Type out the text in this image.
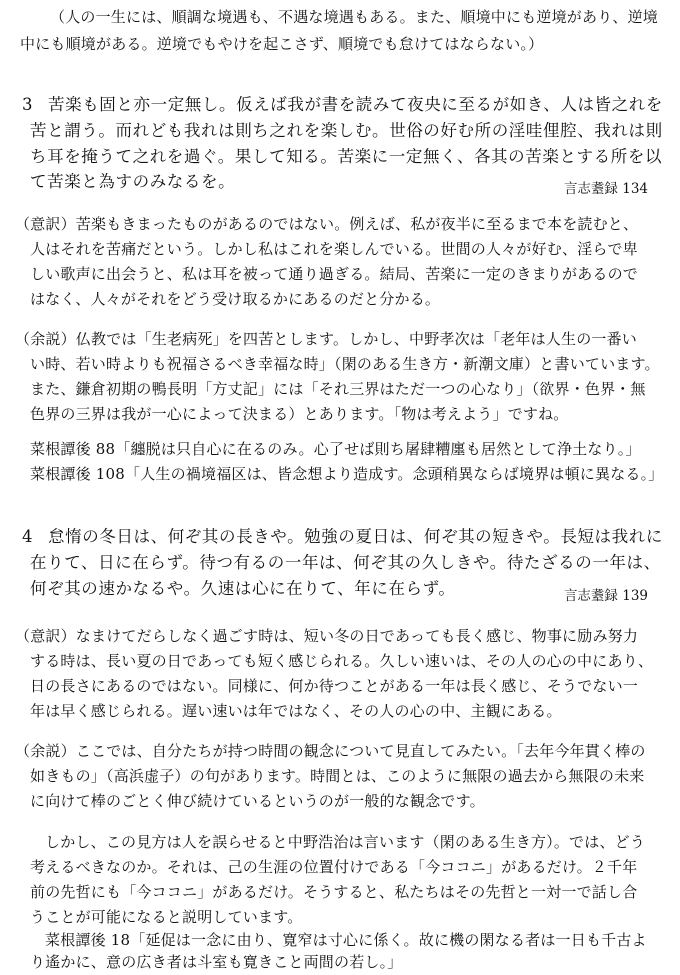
（人の一生には、順調な境遇も、不遇な境遇もある。また、順境中にも逆境があり、逆境
中にも順境がある。逆境でもやけを起こさず、順境でも怠けてはならない。）
3 苦楽も固と亦一定無し。仮えば我が書を読みて夜央に至るが如き、人は皆之れを
苦と謂う。而れども我れは則ち之れを楽しむ。世俗の好む所の淫哇俚腔、我れは則
ち耳を掩うて之れを過ぐ。果して知る。苦楽に一定無く、各其の苦楽とする所を以
て苦楽と為すのみなるを。	言志耋録 134
（意訳）苦楽もきまったものがあるのではない。例えば、私が夜半に至るまで本を読むと、
人はそれを苦痛だという。しかし私はこれを楽しんでいる。世間の人々が好む、淫らで卑
しい歌声に出会うと、私は耳を被って通り過ぎる。結局、苦楽に一定のきまりがあるので
はなく、人々がそれをどう受け取るかにあるのだと分かる。
（余説）仏教では「生老病死」を四苦とします。しかし、中野孝次は「老年は人生の一番い
い時、若い時よりも祝福さるべき幸福な時」（閑のある生き方・新潮文庫）と書いています。
また、鎌倉初期の鴨長明「方丈記」には「それ三界はただ一つの心なり」（欲界・色界・無
色界の三界は我が一心によって決まる）とあります。「物は考えよう」ですね。
菜根譚後 88「纏脱は只自心に在るのみ。心了せば則ち屠肆糟廛も居然として浄土なり。」
菜根譚後 108「人生の禍境福区は、皆念想より造成す。念頭稍異ならば境界は頓に異なる。」
4 怠惰の冬日は、何ぞ其の長きや。勉強の夏日は、何ぞ其の短きや。長短は我れに
在りて、日に在らず。待つ有るの一年は、何ぞ其の久しきや。待たざるの一年は、
何ぞ其の速かなるや。久速は心に在りて、年に在らず。	言志耋録 139
（意訳）なまけてだらしなく過ごす時は、短い冬の日であっても長く感じ、物事に励み努力
する時は、長い夏の日であっても短く感じられる。久しい速いは、その人の心の中にあり、
日の長さにあるのではない。同様に、何か待つことがある一年は長く感じ、そうでない一
年は早く感じられる。遅い速いは年ではなく、その人の心の中、主観にある。
（余説）ここでは、自分たちが持つ時間の観念について見直してみたい。「去年今年貫く棒の
如きもの」（高浜虚子）の句があります。時間とは、このように無限の過去から無限の未来
に向けて棒のごとく伸び続けているというのが一般的な観念です。
しかし、この見方は人を誤らせると中野浩治は言います（閑のある生き方）。では、どう
考えるべきなのか。それは、己の生涯の位置付けである「今ココニ」があるだけ。２千年
前の先哲にも「今ココニ」があるだけ。そうすると、私たちはその先哲と一対一で話し合
うことが可能になると説明しています。
菜根譚後 18「延促は一念に由り、寛窄は寸心に係く。故に機の閑なる者は一日も千古よ
り遙かに、意の広き者は斗室も寛きこと両間の若し。」
